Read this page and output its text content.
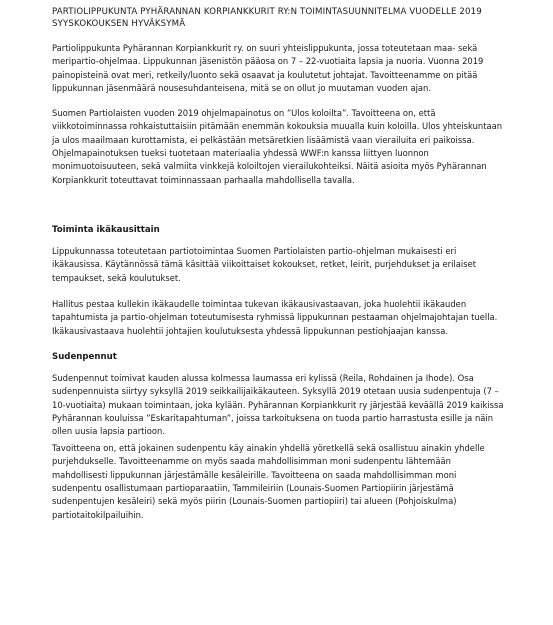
PARTIOLIPPUKUNTA PYHÄRANNAN KORPIANKKURIT RY:N TOIMINTASUUNNITELMA VUODELLE 2019
SYYSKOKOUKSEN HYVÄKSYMÄ

Partiolippukunta Pyhärannan Korpiankkurit ry. on suuri yhteislippukunta, jossa toteutetaan maa- sekä
meripartio-ohjelmaa. Lippukunnan jäsenistön pääosa on 7 – 22-vuotiaita lapsia ja nuoria. Vuonna 2019
painopisteinä ovat meri, retkeily/luonto sekä osaavat ja koulutetut johtajat. Tavoitteenamme on pitää
lippukunnan jäsenmäärä nousesuhdanteisena, mitä se on ollut jo muutaman vuoden ajan.

Suomen Partiolaisten vuoden 2019 ohjelmapainotus on ”Ulos koloilta”. Tavoitteena on, että
viikkotoiminnassa rohkaistuttaisiin pitämään enemmän kokouksia muualla kuin koloilla. Ulos yhteiskuntaan
ja ulos maailmaan kurottamista, ei pelkästään metsäretkien lisäämistä vaan vierailuita eri paikoissa.
Ohjelmapainotuksen tueksi tuotetaan materiaalia yhdessä WWF:n kanssa liittyen luonnon
monimuotoisuuteen, sekä valmiita vinkkejä koloiltojen vierailukohteiksi. Näitä asioita myös Pyhärannan
Korpiankkurit toteuttavat toiminnassaan parhaalla mahdollisella tavalla.

Toiminta ikäkausittain

Lippukunnassa toteutetaan partiotoimintaa Suomen Partiolaisten partio-ohjelman mukaisesti eri
ikäkausissa. Käytännössä tämä käsittää viikoittaiset kokoukset, retket, leirit, purjehdukset ja erilaiset
tempaukset, sekä koulutukset.

Hallitus pestaa kullekin ikäkaudelle toimintaa tukevan ikäkausivastaavan, joka huolehtii ikäkauden
tapahtumista ja partio-ohjelman toteutumisesta ryhmissä lippukunnan pestaaman ohjelmajohtajan tuella.
Ikäkausivastaava huolehtii johtajien koulutuksesta yhdessä lippukunnan pestiohjaajan kanssa.

Sudenpennut

Sudenpennut toimivat kauden alussa kolmessa laumassa eri kylissä (Reila, Rohdainen ja Ihode). Osa
sudenpennuista siirtyy syksyllä 2019 seikkailijaikäkauteen. Syksyllä 2019 otetaan uusia sudenpentuja (7 –
10-vuotiaita) mukaan toimintaan, joka kylään. Pyhärannan Korpiankkurit ry järjestää keväällä 2019 kaikissa
Pyhärannan kouluissa ”Eskaritapahtuman”, joissa tarkoituksena on tuoda partio harrastusta esille ja näin
ollen uusia lapsia partioon.

Tavoitteena on, että jokainen sudenpentu käy ainakin yhdellä yöretkellä sekä osallistuu ainakin yhdelle
purjehdukselle. Tavoitteenamme on myös saada mahdollisimman moni sudenpentu lähtemään
mahdollisesti lippukunnan järjestämälle kesäleirille. Tavoitteena on saada mahdollisimman moni
sudenpentu osallistumaan partioparaatiin, Tammileiriin (Lounais-Suomen Partiopiirin järjestämä
sudenpentujen kesäleiri) sekä myös piirin (Lounais-Suomen partiopiiri) tai alueen (Pohjoiskulma)
partiotaitokilpailuihin.
